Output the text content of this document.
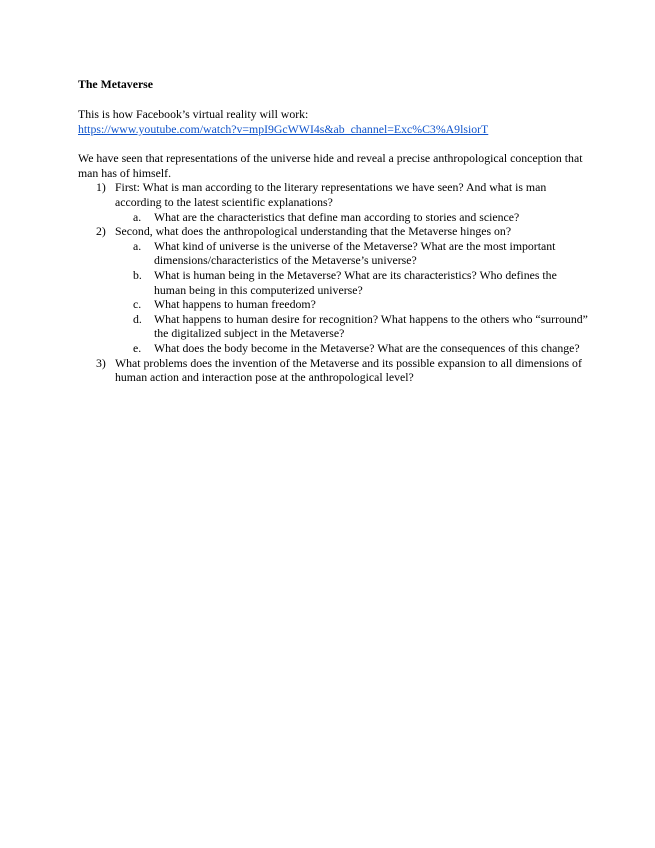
The Metaverse

This is how Facebook’s virtual reality will work:

https://www.youtube.com/watch?v=mpI9GcWWI4s&ab_channel=Exc%C3%A9lsiorT

We have seen that representations of the universe hide and reveal a precise anthropological conception that man has of himself.

1) First: What is man according to the literary representations we have seen? And what is man according to the latest scientific explanations?
a. What are the characteristics that define man according to stories and science?
2) Second, what does the anthropological understanding that the Metaverse hinges on?
a. What kind of universe is the universe of the Metaverse? What are the most important dimensions/characteristics of the Metaverse’s universe?
b. What is human being in the Metaverse? What are its characteristics? Who defines the human being in this computerized universe?
c. What happens to human freedom?
d. What happens to human desire for recognition? What happens to the others who “surround” the digitalized subject in the Metaverse?
e. What does the body become in the Metaverse? What are the consequences of this change?
3) What problems does the invention of the Metaverse and its possible expansion to all dimensions of human action and interaction pose at the anthropological level?
